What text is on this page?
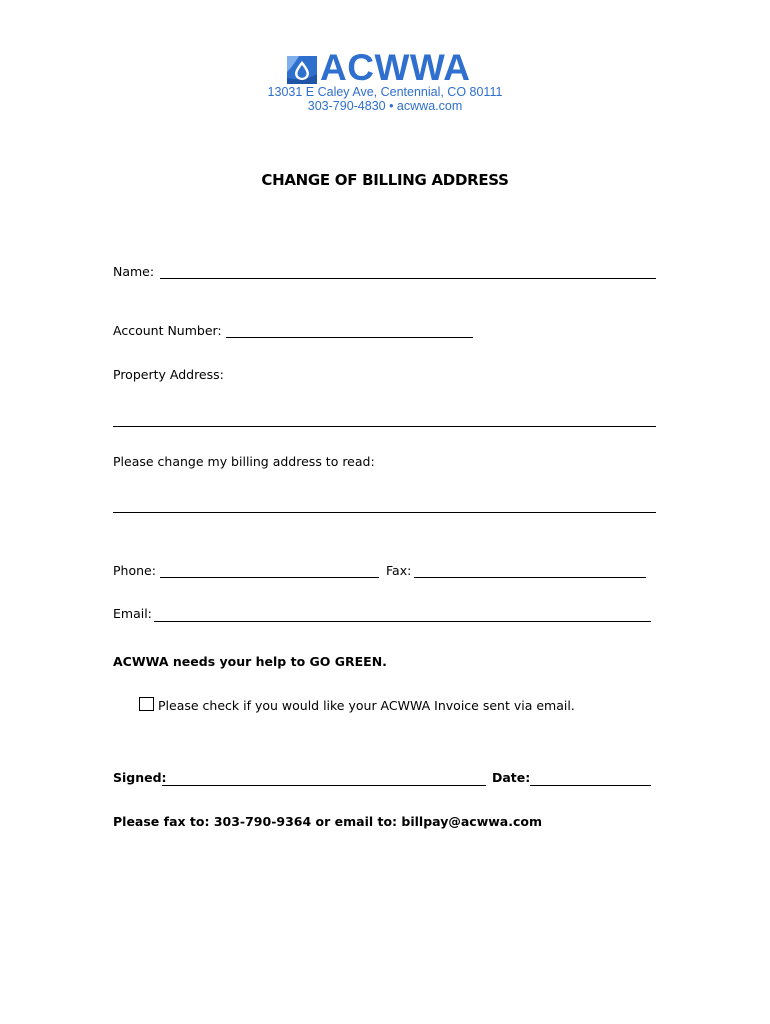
ACWWA
13031 E Caley Ave, Centennial, CO 80111
303-790-4830 • acwwa.com
CHANGE OF BILLING ADDRESS
Name:
Account Number:
Property Address:
Please change my billing address to read:
Phone:	Fax:
Email:
ACWWA needs your help to GO GREEN.
Please check if you would like your ACWWA Invoice sent via email.
Signed:	Date:
Please fax to: 303-790-9364 or email to: billpay@acwwa.com
